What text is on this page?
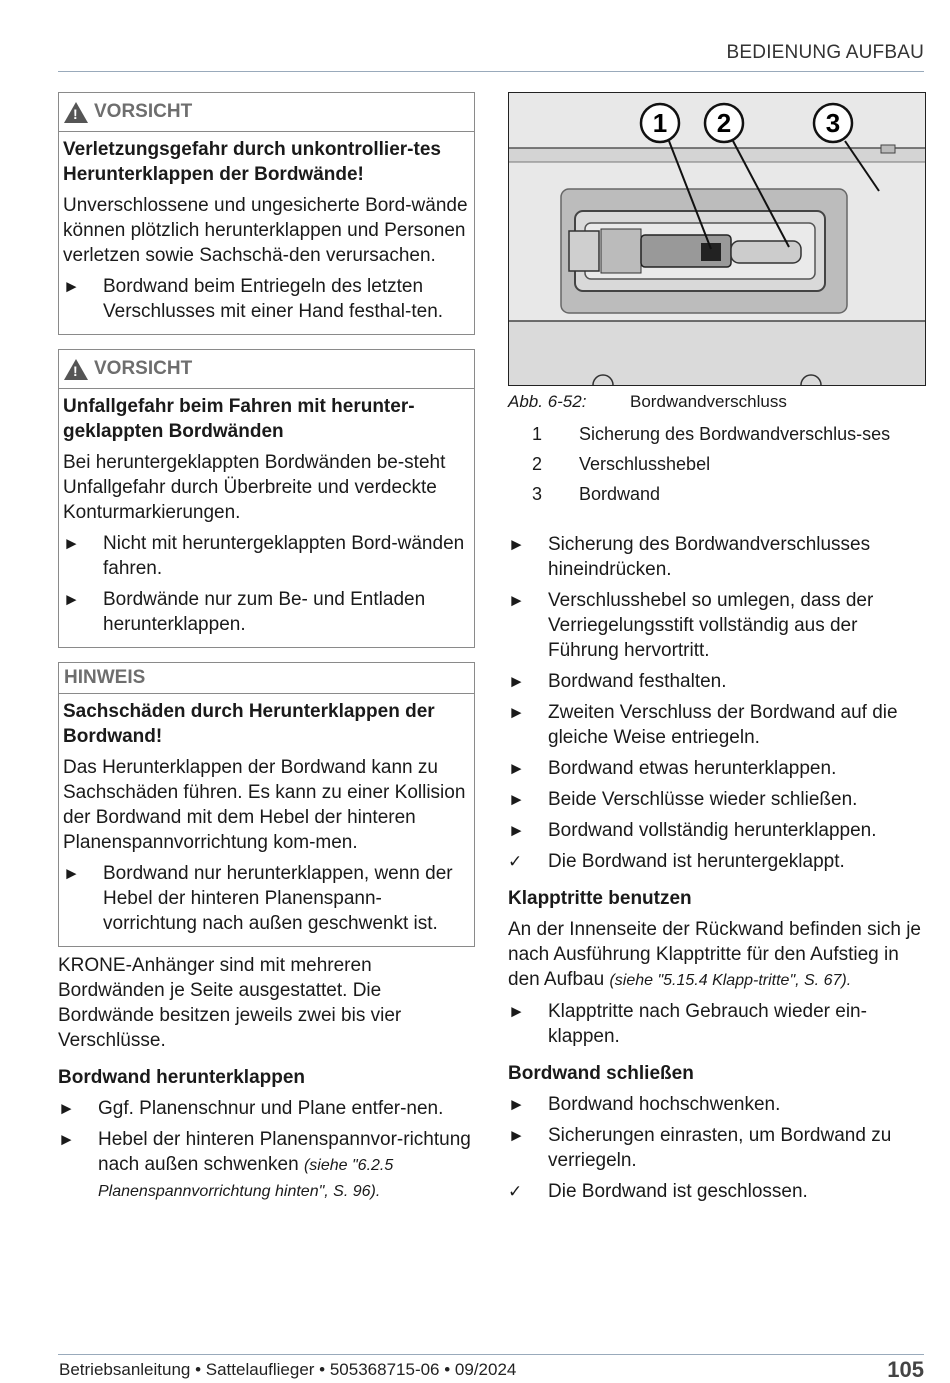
BEDIENUNG AUFBAU
! VORSICHT

Verletzungsgefahr durch unkontrollier-tes Herunterklappen der Bordwände!

Unverschlossene und ungesicherte Bord-wände können plötzlich herunterklappen und Personen verletzen sowie Sachschä-den verursachen.

►	Bordwand beim Entriegeln des letzten Verschlusses mit einer Hand festhal-ten.
! VORSICHT

Unfallgefahr beim Fahren mit herunter-geklappten Bordwänden

Bei heruntergeklappten Bordwänden be-steht Unfallgefahr durch Überbreite und verdeckte Konturmarkierungen.

►	Nicht mit heruntergeklappten Bord-wänden fahren.
►	Bordwände nur zum Be- und Entladen herunterklappen.
HINWEIS

Sachschäden durch Herunterklappen der Bordwand!

Das Herunterklappen der Bordwand kann zu Sachschäden führen. Es kann zu einer Kollision der Bordwand mit dem Hebel der hinteren Planenspannvorrichtung kom-men.

►	Bordwand nur herunterklappen, wenn der Hebel der hinteren Planenspann-vorrichtung nach außen geschwenkt ist.

KRONE-Anhänger sind mit mehreren Bordwänden je Seite ausgestattet. Die Bordwände besitzen jeweils zwei bis vier Verschlüsse.

Bordwand herunterklappen
►	Ggf. Planenschnur und Plane entfer-nen.
►	Hebel der hinteren Planenspannvor-richtung nach außen schwenken (siehe "6.2.5 Planenspannvorrichtung hinten", S. 96).
1 2	3
Abb. 6-52:	Bordwandverschluss
1	Sicherung des Bordwandverschlus-ses
2	Verschlusshebel
3	Bordwand
►	Sicherung des Bordwandverschlusses hineindrücken.
►	Verschlusshebel so umlegen, dass der Verriegelungsstift vollständig aus der Führung hervortritt.
►	Bordwand festhalten.
►	Zweiten Verschluss der Bordwand auf die gleiche Weise entriegeln.
►	Bordwand etwas herunterklappen.
►	Beide Verschlüsse wieder schließen.
►	Bordwand vollständig herunterklappen.
✓	Die Bordwand ist heruntergeklappt.
Klapptritte benutzen

An der Innenseite der Rückwand befinden sich je nach Ausführung Klapptritte für den Aufstieg in den Aufbau (siehe "5.15.4 Klapp-tritte", S. 67).

►	Klapptritte nach Gebrauch wieder ein-klappen.
Bordwand schließen
►	Bordwand hochschwenken.
►	Sicherungen einrasten, um Bordwand zu verriegeln.
✓	Die Bordwand ist geschlossen.
Betriebsanleitung • Sattelauflieger • 505368715-06 • 09/2024	105
